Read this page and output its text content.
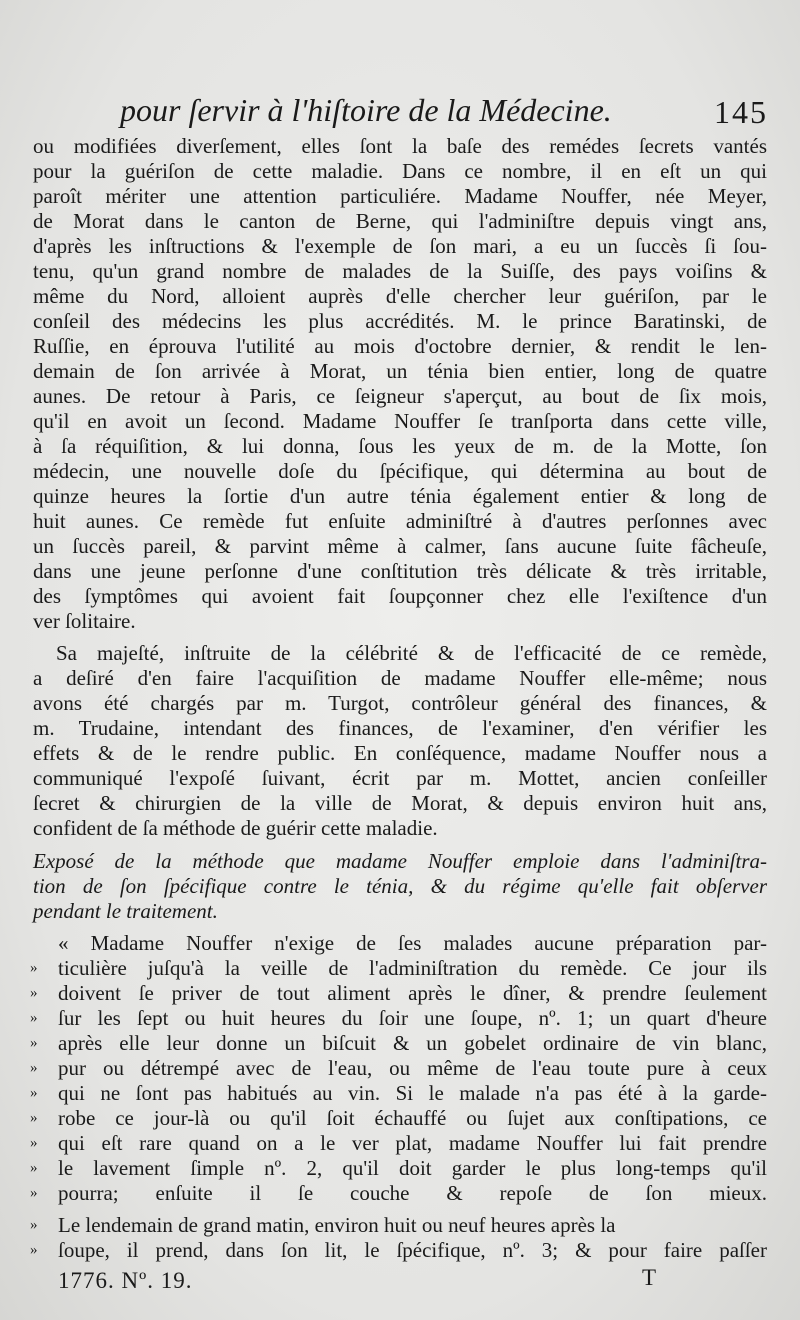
pour ſervir à l'hiſtoire de la Médecine.	145
ou modifiées diverſement, elles ſont la baſe des remédes ſecrets vantés
pour la guériſon de cette maladie. Dans ce nombre, il en eſt un qui
paroît mériter une attention particuliére. Madame Nouffer, née Meyer,
de Morat dans le canton de Berne, qui l'adminiſtre depuis vingt ans,
d'après les inſtructions & l'exemple de ſon mari, a eu un ſuccès ſi ſou-
tenu, qu'un grand nombre de malades de la Suiſſe, des pays voiſins &
même du Nord, alloient auprès d'elle chercher leur guériſon, par le
conſeil des médecins les plus accrédités. M. le prince Baratinski, de
Ruſſie, en éprouva l'utilité au mois d'octobre dernier, & rendit le len-
demain de ſon arrivée à Morat, un ténia bien entier, long de quatre
aunes. De retour à Paris, ce ſeigneur s'aperçut, au bout de ſix mois,
qu'il en avoit un ſecond. Madame Nouffer ſe tranſporta dans cette ville,
à ſa réquiſition, & lui donna, ſous les yeux de m. de la Motte, ſon
médecin, une nouvelle doſe du ſpécifique, qui détermina au bout de
quinze heures la ſortie d'un autre ténia également entier & long de
huit aunes. Ce remède fut enſuite adminiſtré à d'autres perſonnes avec
un ſuccès pareil, & parvint même à calmer, ſans aucune ſuite fâcheuſe,
dans une jeune perſonne d'une conſtitution très délicate & très irritable,
des ſymptômes qui avoient fait ſoupçonner chez elle l'exiſtence d'un
ver ſolitaire.
Sa majeſté, inſtruite de la célébrité & de l'efficacité de ce remède,
a deſiré d'en faire l'acquiſition de madame Nouffer elle-même; nous
avons été chargés par m. Turgot, contrôleur général des finances, &
m. Trudaine, intendant des finances, de l'examiner, d'en vérifier les
effets & de le rendre public. En conſéquence, madame Nouffer nous a
communiqué l'expoſé ſuivant, écrit par m. Mottet, ancien conſeiller
ſecret & chirurgien de la ville de Morat, & depuis environ huit ans,
confident de ſa méthode de guérir cette maladie.
Exposé de la méthode que madame Nouffer emploie dans l'adminiſtra-
tion de ſon ſpécifique contre le ténia, & du régime qu'elle fait obſerver
pendant le traitement.
« Madame Nouffer n'exige de ſes malades aucune préparation par-
» ticulière juſqu'à la veille de l'adminiſtration du remède. Ce jour ils
» doivent ſe priver de tout aliment après le dîner, & prendre ſeulement
» ſur les ſept ou huit heures du ſoir une ſoupe, nº. 1; un quart d'heure
» après elle leur donne un biſcuit & un gobelet ordinaire de vin blanc,
» pur ou détrempé avec de l'eau, ou même de l'eau toute pure à ceux
» qui ne ſont pas habitués au vin. Si le malade n'a pas été à la garde-
» robe ce jour-là ou qu'il ſoit échauffé ou ſujet aux conſtipations, ce
» qui eſt rare quand on a le ver plat, madame Nouffer lui fait prendre
» le lavement ſimple nº. 2, qu'il doit garder le plus long-temps qu'il
» pourra; enſuite il ſe couche & repoſe de ſon mieux.
» Le lendemain de grand matin, environ huit ou neuf heures après la
» ſoupe, il prend, dans ſon lit, le ſpécifique, nº. 3; & pour faire paſſer
1776. Nº. 19.	T
